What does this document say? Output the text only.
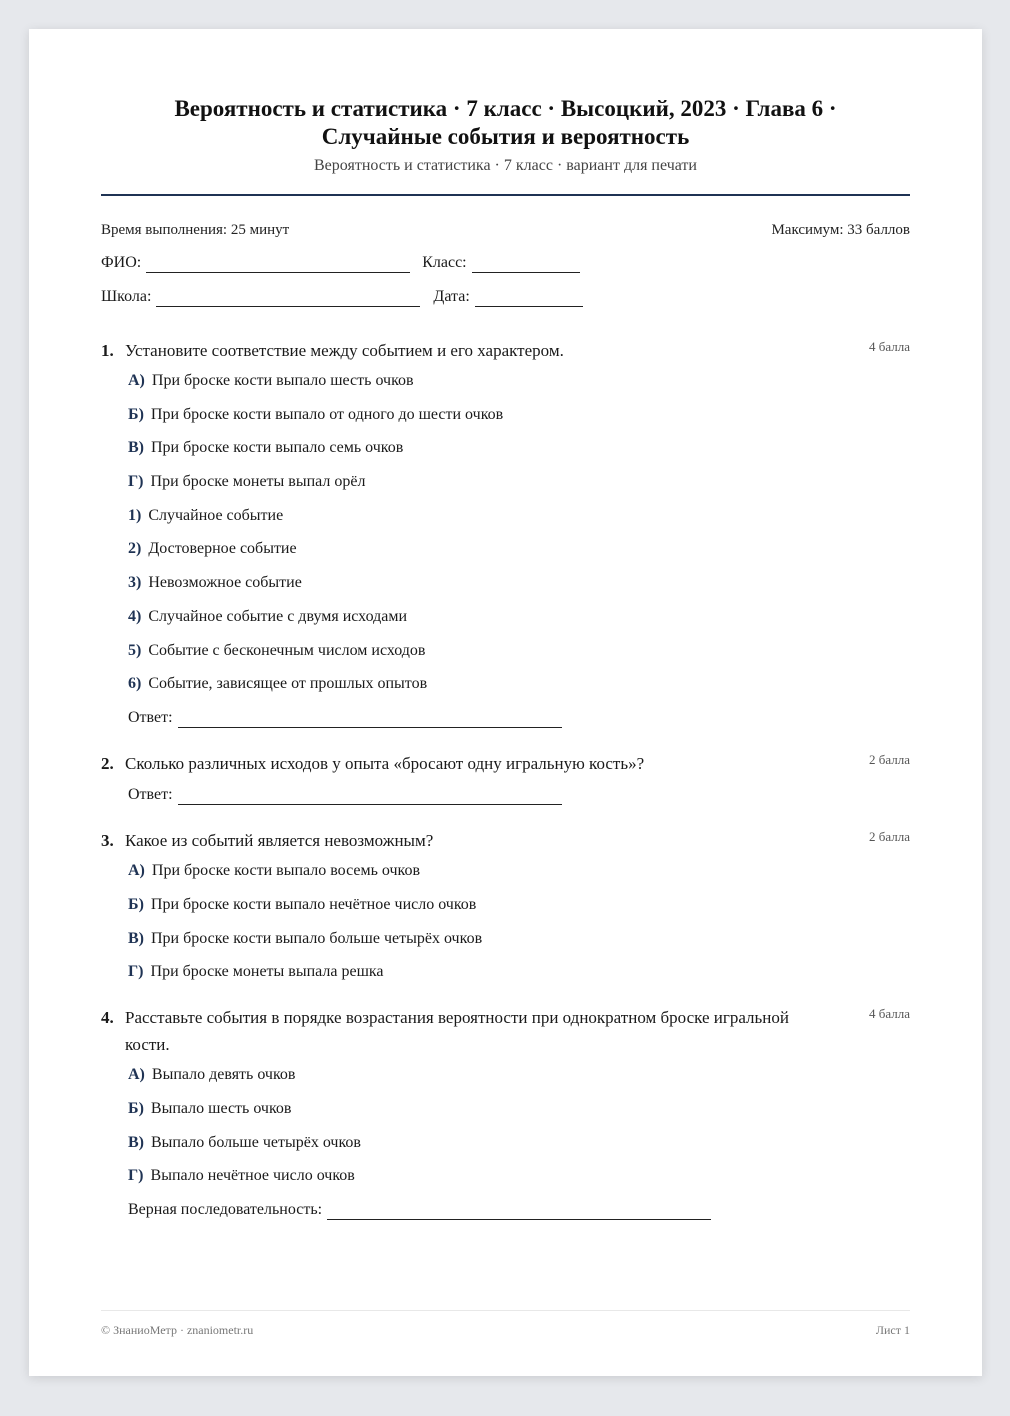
Вероятность и статистика · 7 класс · Высоцкий, 2023 · Глава 6 ·
Случайные события и вероятность
Вероятность и статистика · 7 класс · вариант для печати
Время выполнения: 25 минут	Максимум: 33 баллов
ФИО:	Класс:
Школа:	Дата:
1. Установите соответствие между событием и его характером.	4 балла
А) При броске кости выпало шесть очков
Б) При броске кости выпало от одного до шести очков
В) При броске кости выпало семь очков
Г) При броске монеты выпал орёл
1) Случайное событие
2) Достоверное событие
3) Невозможное событие
4) Случайное событие с двумя исходами
5) Событие с бесконечным числом исходов
6) Событие, зависящее от прошлых опытов
Ответ:
2. Сколько различных исходов у опыта «бросают одну игральную кость»?	2 балла
Ответ:
3. Какое из событий является невозможным?	2 балла
А) При броске кости выпало восемь очков
Б) При броске кости выпало нечётное число очков
В) При броске кости выпало больше четырёх очков
Г) При броске монеты выпала решка
4. Расставьте события в порядке возрастания вероятности при однократном броске игральной кости.
4 балла
А) Выпало девять очков
Б) Выпало шесть очков
В) Выпало больше четырёх очков
Г) Выпало нечётное число очков
Верная последовательность:
© ЗнаниоМетр · znaniometr.ru	Лист 1
